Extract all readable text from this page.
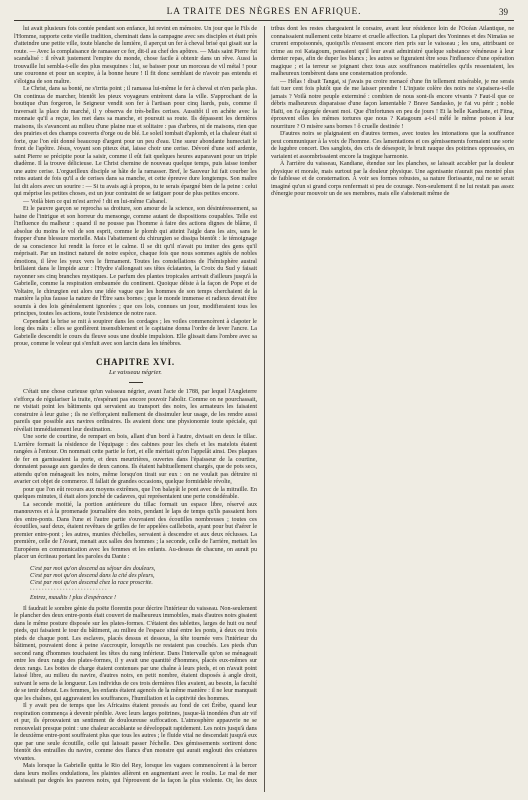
LA TRAITE DES NÈGRES EN AFRIQUE.	39

lui avait plusieurs fois contée pendant son enfance, lui revint en mémoire. Un jour que le Fils de l'Homme, rapporte cette vieille tradition, cheminait dans la campagne avec ses disciples et était près d'atteindre une petite ville, toute blanche de lumière, il aperçut un fer à cheval brisé qui gisait sur la route. — Avec la complaisance de ramasser ce fer, dit-il au chef des apôtres. — Mais saint Pierre fut scandalisé : il rêvait justement l'empire du monde, chose facile à obtenir dans un rêve. Aussi la trouvaille lui sembla-t-elle des plus mesquines : lui, se baisser pour un morceau de vil métal ! pour une couronne et pour un sceptre, à la bonne heure ! Il fit donc semblant de n'avoir pas entendu et s'éloigna de son maître.

Le Christ, dans sa bonté, ne s'irrita point ; il ramassa lui-même le fer à cheval et n'en parla plus. On continua de marcher, bientôt les pieux voyageurs entrèrent dans la ville. S'approchant de la boutique d'un forgeron, le Seigneur vendit son fer à l'artisan pour cinq liards, puis, comme il traversait la place du marché, il y observa de très-belles cerises. Aussitôt il en achète avec la monnaie qu'il a reçue, les met dans sa manche, et poursuit sa route. Ils dépassent les dernières maisons, ils s'avancent au milieu d'une plaine nue et solitaire : pas d'arbres, ni de maisons, rien que des prairies et des champs couverts d'orge ou de blé. Le soleil tombait d'aplomb, et la chaleur était si forte, que l'on eût donné beaucoup d'argent pour un peu d'eau. Une sueur abondante humectait le front de l'apôtre. Jésus, voyant son piteux état, laisse choir une cerise. Dévoré d'une soif ardente, saint Pierre se précipite pour la saisir, comme il eût fait quelques heures auparavant pour un triple diadème. Il la trouve délicieuse. Le Christ chemine de nouveau quelque temps, puis laisse tomber une autre cerise. L'orgueilleux disciple se hâte de la ramasser. Bref, le Sauveur lui fait courber les reins autant de fois qu'il a de cerises dans sa manche, et cette épreuve dure longtemps. Son maître lui dit alors avec un sourire : — Si tu avais agi à propos, tu te serais épargné bien de la peine : celui qui méprise les petites choses, est un jour contraint de se fatiguer pour de plus petites encore.

— Voilà bien ce qui m'est arrivé ! dit en lui-même Cabanel.

Et le pauvre garçon se reprocha sa droiture, son amour de la science, son désintéressement, sa haine de l'intrigue et son horreur du mensonge, comme autant de dispositions coupables. Telle est l'influence du malheur : quand il ne pousse pas l'homme à faire des actions dignes de blâme, il absolue du moins le vol de son esprit, comme le plomb qui atteint l'aigle dans les airs, sans le frapper d'une blessure mortelle. Mais l'abattement du chirurgien se dissipa bientôt : le témoignage de sa conscience lui rendit la force et le calme. Il se dit qu'il n'avait pu imiter des gens qu'il méprisait. Par un instinct naturel de notre espèce, chaque fois que nous sommes agités de nobles émotions, il lève les yeux vers le firmament. Toutes les constellations de l'hémisphère austral brillaient dans le limpide azur : l'Hydre s'allongeait ses têtes éclatantes, la Croix du Sud y faisait rayonner ses cinq branches mystiques. Le parfum des plantes tropicales arrivait d'ailleurs jusqu'à la Gabrielle, comme la respiration embaumée du continent. Quoique déiste à la façon de Pope et de Voltaire, le chirurgien eut alors une idée vague que les hommes de son temps cherchaient de la manière la plus fausse la nature de l'Être sans bornes ; que le monde immense et radieux devait être soumis à des lois généralement ignorées ; que ces lois, connues un jour, modifieraient tous les principes, toutes les actions, toute l'existence de notre race.

Cependant la brise se mit à soupirer dans les cordages ; les voiles commencèrent à clapoter le long des mâts : elles se gonflèrent insensiblement et le capitaine donna l'ordre de lever l'ancre. La Gabrielle descendit le cours du fleuve sous une double impulsion. Elle glissait dans l'ombre avec sa proue, comme le voleur qui s'enfuit avec son larcin dans les ténèbres.

CHAPITRE XVI.
Le vaisseau négrier.

C'était une chose curieuse qu'un vaisseau négrier, avant l'acte de 1788, par lequel l'Angleterre s'efforça de régulariser la traite, n'espérant pas encore pouvoir l'abolir. Comme on ne pourchassait, ne visitait point les bâtiments qui servaient au transport des noirs, les armateurs les faisaient construire à leur guise ; ils ne s'efforçaient nullement de dissimuler leur usage, de les rendre aussi pareils que possible aux navires ordinaires. Ils avaient donc une physionomie toute spéciale, qui révélait immédiatement leur destination.

Une sorte de courtine, de rempart en bois, allant d'un bord à l'autre, divisait en deux le tillac. L'arrière formait la résidence de l'équipage : des cabines pour les chefs et les matelots étaient rangées à l'entour. On nommait cette partie le fort, et elle méritait qu'on l'appelât ainsi. Des plaques de fer en garnissaient la porte, et deux meurtrières, ouvertes dans l'épaisseur de la courtine, donnaient passage aux gueules de deux canons. Ils étaient habituellement chargés, que de pots secs, attendu qu'on ménageait les noirs, même lorsqu'on tirait sur eux : on ne voulait pas détruire ni avarier cet objet de commerce. Il fallait de grandes occasions, quelque formidable révolte,

pour que l'on eût recours aux moyens extrêmes, que l'on balayât le pont avec de la mitraille. En quelques minutes, il était alors jonché de cadavres, qui représentaient une perte considérable.

La seconde moitié, la portion antérieure du tillac formait un espace libre, réservé aux manœuvres et à la promenade journalière des noirs, pendant le laps de temps qu'ils passaient hors des entre-ponts. Dans l'une et l'autre partie s'ouvraient des écoutilles nombreuses ; toutes ces écoutilles, sauf deux, étaient revêtues de grilles de fer appelées caillebotis, ayant pour but d'aérer le premier entre-pont ; les autres, munies d'échelles, servaient à descendre et aux deux réclusses. La première, celle de l'Avant, menait aux salles des hommes ; la seconde, celle de l'arrière, mettait les Européens en communication avec les femmes et les enfants. Au-dessus de chacune, on aurait pu placer un écriteau portant les paroles du Dante :

C'est par moi qu'on descend au séjour des douleurs,
C'est par moi qu'on descend dans la cité des pleurs,
C'est par moi qu'on descend chez la race proscrite.
· · · · · · · · · · · · · · · · · · · · · · · · · ·
Entrez, maudits ! plus d'espérance !

Il faudrait le sombre génie du poëte florentin pour décrire l'intérieur du vaisseau. Non-seulement le plancher des deux entre-ponts était couvert de malheureux immobiles, mais d'autres noirs gisaient dans le même posture disposée sur les plates-formes. C'étaient des tablettes, larges de huit ou neuf pieds, qui faisaient le tour du bâtiment, au milieu de l'espace situé entre les ponts, à deux ou trois pieds de chaque pont. Les esclaves, placés dessus et dessous, la tête tournée vers l'intérieur du bâtiment, pouvaient donc à peine s'accroupir, lorsqu'ils ne restaient pas couchés. Les pieds d'un second rang d'hommes touchaient les têtes du rang inférieur. Dans l'intervalle qu'on se ménageait entre les deux rangs des plates-formes, il y avait une quantité d'hommes, placés eux-mêmes sur deux rangs. Les bottes de charge étaient contenues par une chaîne à leurs pieds, et on n'avait point laissé libre, au milieu du navire, d'autres noirs, en petit nombre, étaient disposés à angle droit, suivant le sens de la longueur. Les individus de ces trois dernières files avaient, au besoin, la faculté de se tenir debout. Les femmes, les enfants étaient agencés de la même manière : il ne leur manquait que les chaînes, qui aggravaient les souffrances, l'humiliation et la captivité des hommes.

Il y avait peu de temps que les Africains étaient pressés au fond de cet Érèbe, quand leur respiration commença à devenir pénible. Avec leurs larges poitrines, jusque-là inondées d'un air vif et pur, ils éprouvaient un sentiment de douloureuse suffocation. L'atmosphère appauvrie ne se renouvelait presque point : une chaleur accablante se développait rapidement. Les noirs jusqu'à dans le deuxième entre-pont souffraient plus que tous les autres ; le fluide vital ne descendait jusqu'à eux que par une seule écoutille, celle qui laissait passer l'échelle. Des gémissements sortirent donc bientôt des entrailles du navire, comme des flancs d'un monstre qui aurait englouti des créatures vivantes.

Mais lorsque la Gabrielle quitta le Rio del Rey, lorsque les vagues commencèrent à la bercer dans leurs molles ondulations, les plaintes allèrent en augmentant avec le roulis. Le mal de mer saisissait par degrés les pauvres noirs, qui l'éprouvent de la façon la plus violente. Or, les deux tribus dont les restes chargeaient le corsaire, avant leur résidence loin de l'Océan Atlantique, ne connaissaient nullement cette bizarre et cruelle affection. La plupart des Yoninnes et des Nimaïas se crurent empoisonnés, quoiqu'ils n'eussent encore rien pris sur le vaisseau ; les uns, attribuant ce crime au roi Katagoum, pensaient qu'il leur avait administré quelque substance vénéneuse à leur dernier repas, afin de duper les blancs ; les autres se figuraient être sous l'influence d'une opération magique ; et la terreur se joignant chez tous aux souffrances matérielles qu'ils ressentaient, les malheureux tombèrent dans une consternation profonde.

— Hélas ! disait Tangat, si j'avais pu croire menacé d'une fin tellement misérable, je me serais fait tuer cent fois plutôt que de me laisser prendre ! L'injuste colère des noirs ne s'apaisera-t-elle jamais ? Voilà notre peuple exterminé : combien de nous sont-ils encore vivants ? Faut-il que ce débris malheureux disparaisse d'une façon lamentable ? Brave Sandasko, je t'ai vu périr ; noble Haïti, on t'a égorgée devant moi. Que d'infortunes en peu de jours ! Et la belle Kandiane, et Fitna, éprouvent elles les mêmes tortures que nous ? Katagoum a-t-il mêlé le même poison à leur nourriture ? O misère sans bornes ! ô cruelle destinée !

D'autres noirs se plaignaient en d'autres termes, avec toutes les intonations que la souffrance peut communiquer à la voix de l'homme. Ces lamentations et ces gémissements formaient une sorte de lugubre concert. Des sanglots, des cris de désespoir, le bruit rauque des poitrines oppressées, en variaient et assombrissaient encore la tragique harmonie.

À l'arrière du vaisseau, Kandiane, étendue sur les planches, se laissait accabler par la douleur physique et morale, mais surtout par la douleur physique. Une agonisante n'aurait pas montré plus de faiblesse et de consternation. À voir ses formes robustes, sa nature florissante, nul ne se serait imaginé qu'un si grand corps renfermait si peu de courage. Non-seulement il ne lui restait pas assez d'énergie pour mouvoir un de ses membres, mais elle s'abstenait même de
